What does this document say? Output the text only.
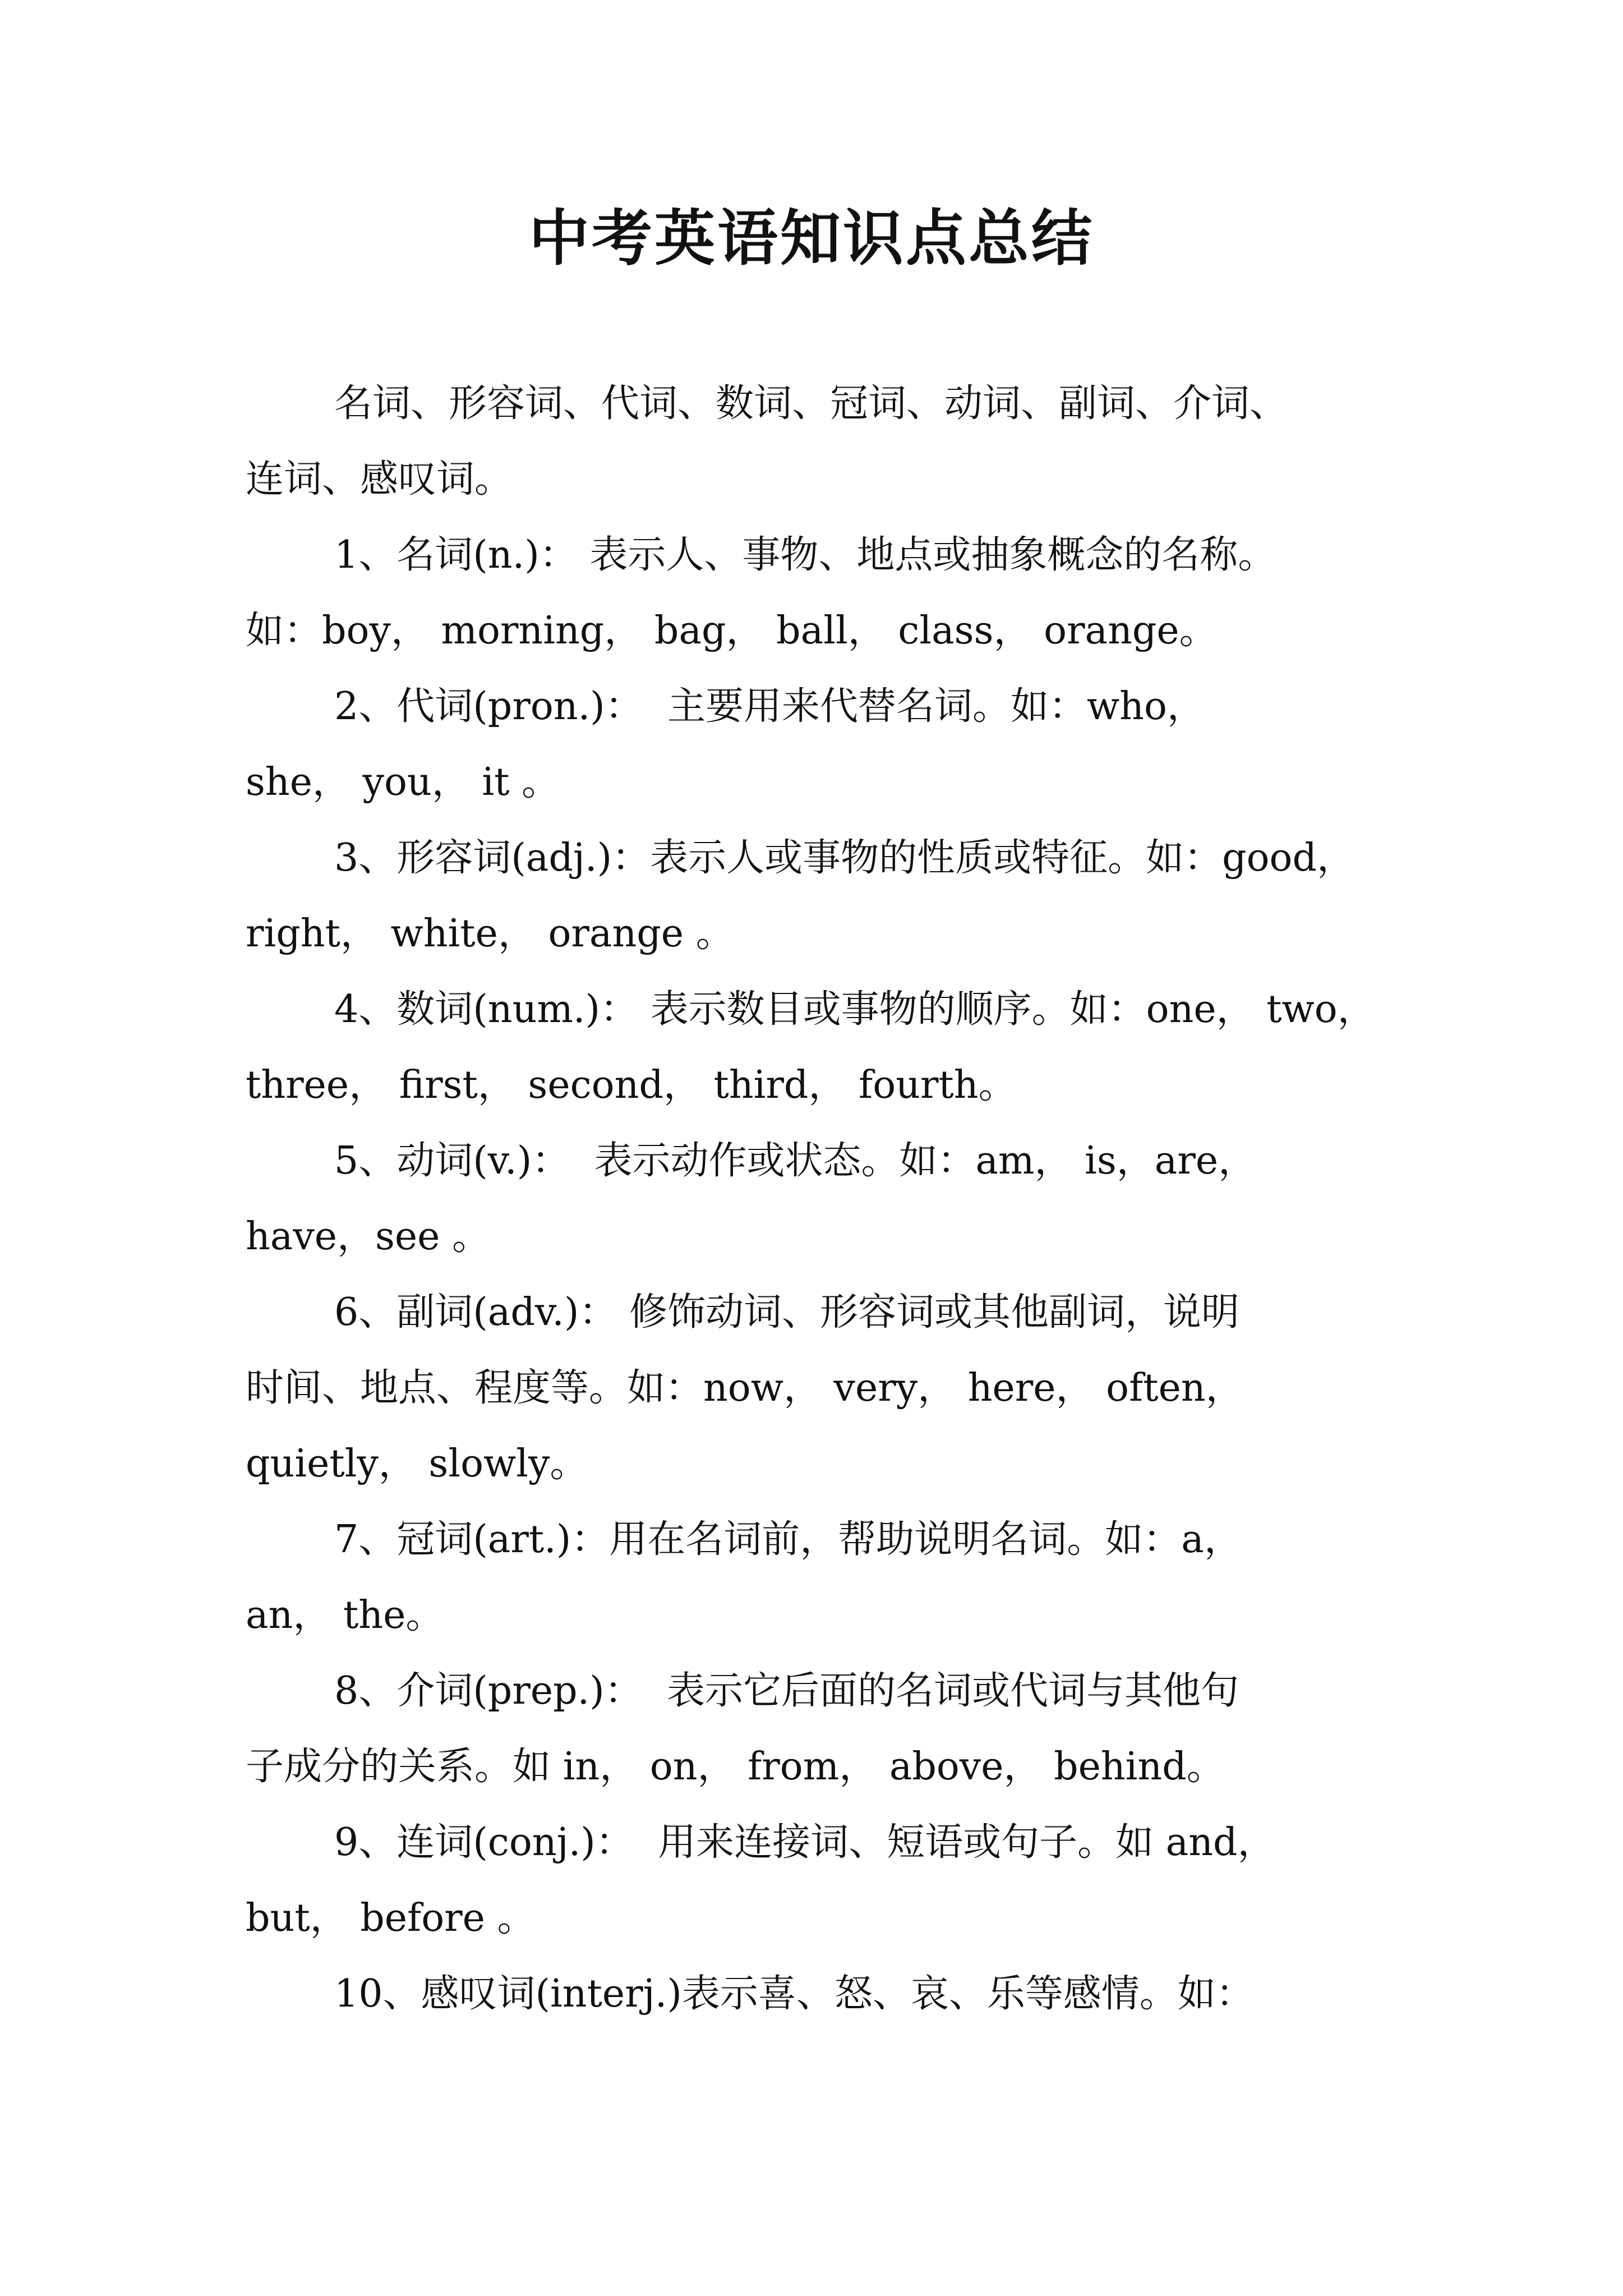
中考英语知识点总结
名词、形容词、代词、数词、冠词、动词、副词、介词、
连词、感叹词。
1、名词(n.)： 表示人、事物、地点或抽象概念的名称。
如：boy， morning， bag， ball， class， orange。
2、代词(pron.)：  主要用来代替名词。如：who，
she， you， it 。
3、形容词(adj.)：表示人或事物的性质或特征。如：good，
right， white， orange 。
4、数词(num.)： 表示数目或事物的顺序。如：one， two，
three， first， second， third， fourth。
5、动词(v.)：  表示动作或状态。如：am， is，are，
have，see 。
6、副词(adv.)： 修饰动词、形容词或其他副词，说明
时间、地点、程度等。如：now， very， here， often，
quietly， slowly。
7、冠词(art.)：用在名词前，帮助说明名词。如：a，
an， the。
8、介词(prep.)：  表示它后面的名词或代词与其他句
子成分的关系。如 in， on， from， above， behind。
9、连词(conj.)：  用来连接词、短语或句子。如 and，
but， before 。
10、感叹词(interj.)表示喜、怒、哀、乐等感情。如：
